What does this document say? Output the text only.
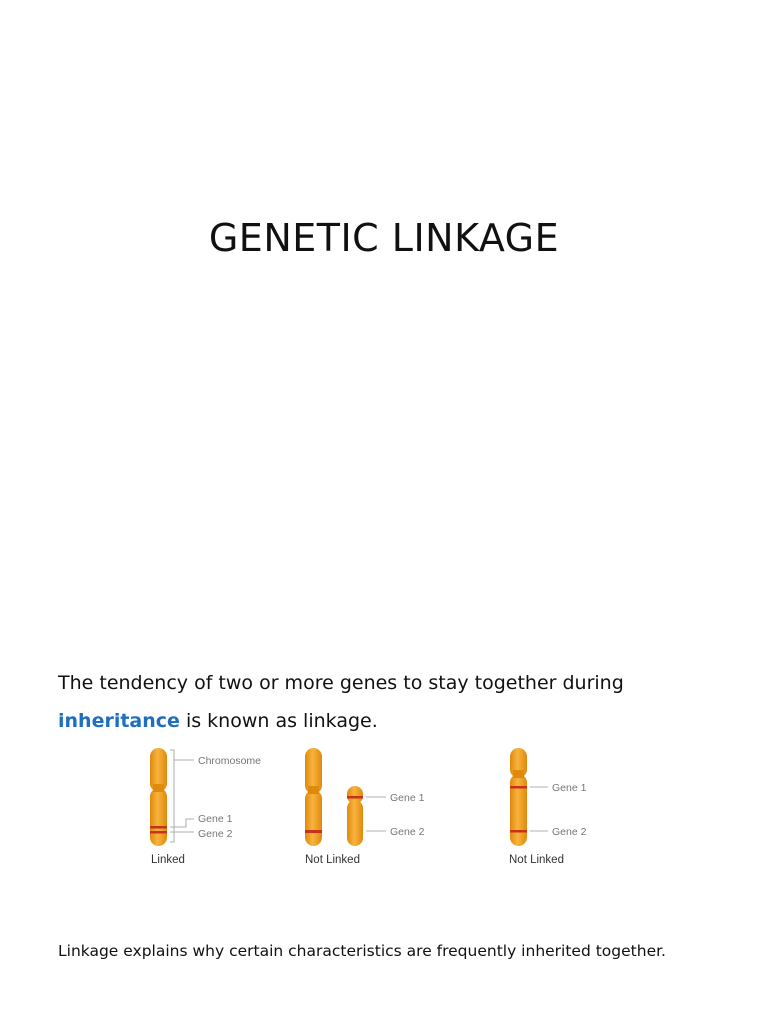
GENETIC LINKAGE

The tendency of two or more genes to stay together during inheritance is known as linkage.

Chromosome
Gene 1
Gene 2
Linked
Gene 1
Gene 2
Not Linked
Gene 1
Gene 2
Not Linked

Linkage explains why certain characteristics are frequently inherited together.
